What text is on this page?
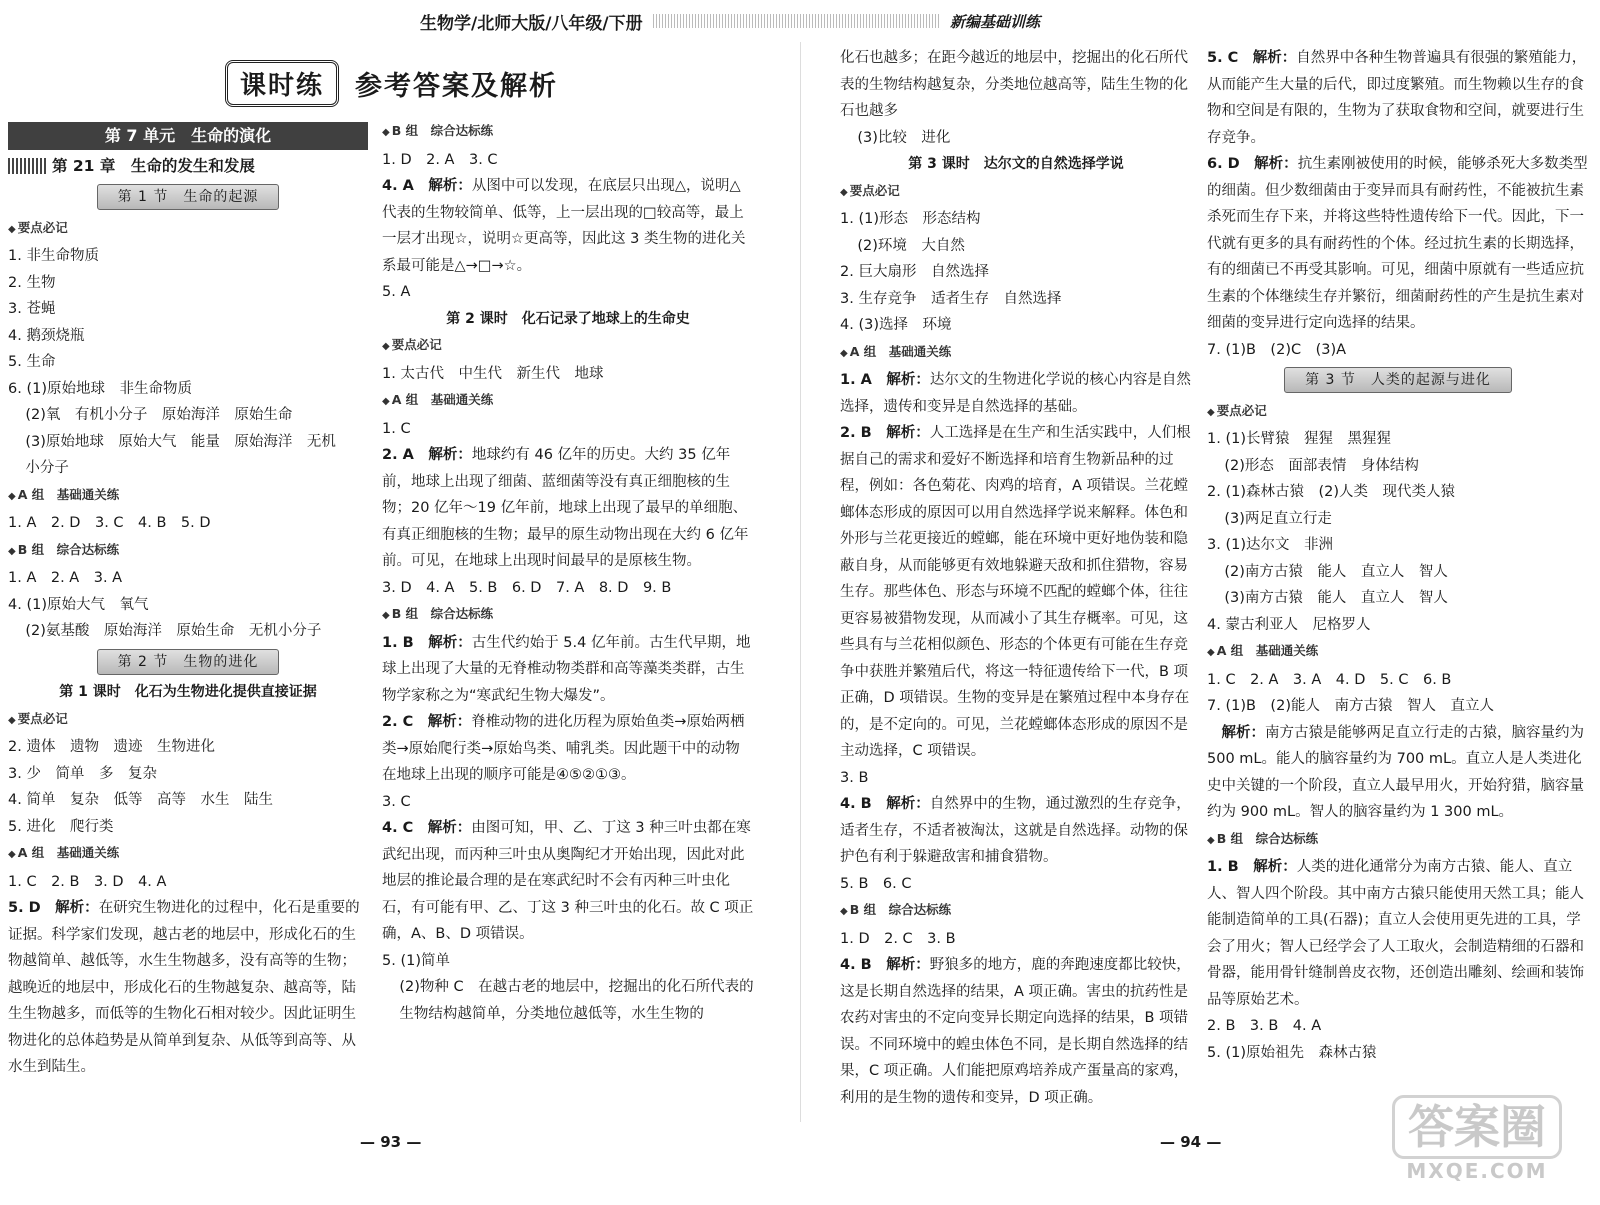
生物学/北师大版/八年级/下册	新编基础训练
课时练	参考答案及解析
第 7 单元　生命的演化
第 21 章　生命的发生和发展
第 1 节　生命的起源
◆ 要点必记
1. 非生命物质
2. 生物
3. 苍蝇
4. 鹅颈烧瓶
5. 生命
6. (1)原始地球　非生命物质
(2)氧　有机小分子　原始海洋　原始生命
(3)原始地球　原始大气　能量　原始海洋　无机
小分子
◆ A 组　基础通关练
1. A　2. D　3. C　4. B　5. D
◆ B 组　综合达标练
1. A　2. A　3. A
4. (1)原始大气　氧气
(2)氨基酸　原始海洋　原始生命　无机小分子
第 2 节　生物的进化
第 1 课时　化石为生物进化提供直接证据
◆ 要点必记
2. 遗体　遗物　遗迹　生物进化
3. 少　简单　多　复杂
4. 简单　复杂　低等　高等　水生　陆生
5. 进化　爬行类
◆ A 组　基础通关练
1. C　2. B　3. D　4. A
5. D　解析：在研究生物进化的过程中，化石是重要的证据。科学家们发现，越古老的地层中，形成化石的生物越简单、越低等，水生生物越多，没有高等的生物；越晚近的地层中，形成化石的生物越复杂、越高等，陆生生物越多，而低等的生物化石相对较少。因此证明生物进化的总体趋势是从简单到复杂、从低等到高等、从水生到陆生。
◆ B 组　综合达标练
1. D　2. A　3. C
4. A　解析：从图中可以发现，在底层只出现△，说明△代表的生物较简单、低等，上一层出现的□较高等，最上一层才出现☆，说明☆更高等，因此这 3 类生物的进化关系最可能是△→□→☆。
5. A
第 2 课时　化石记录了地球上的生命史
◆ 要点必记
1. 太古代　中生代　新生代　地球
◆ A 组　基础通关练
1. C
2. A　解析：地球约有 46 亿年的历史。大约 35 亿年前，地球上出现了细菌、蓝细菌等没有真正细胞核的生物；20 亿年～19 亿年前，地球上出现了最早的单细胞、有真正细胞核的生物；最早的原生动物出现在大约 6 亿年前。可见，在地球上出现时间最早的是原核生物。
3. D　4. A　5. B　6. D　7. A　8. D　9. B
◆ B 组　综合达标练
1. B　解析：古生代约始于 5.4 亿年前。古生代早期，地球上出现了大量的无脊椎动物类群和高等藻类类群，古生物学家称之为“寒武纪生物大爆发”。
2. C　解析：脊椎动物的进化历程为原始鱼类→原始两栖类→原始爬行类→原始鸟类、哺乳类。因此题干中的动物在地球上出现的顺序可能是④⑤②①③。
3. C
4. C　解析：由图可知，甲、乙、丁这 3 种三叶虫都在寒武纪出现，而丙种三叶虫从奥陶纪才开始出现，因此对此地层的推论最合理的是在寒武纪时不会有丙种三叶虫化石，有可能有甲、乙、丁这 3 种三叶虫的化石。故 C 项正确，A、B、D 项错误。
5. (1)简单
(2)物种 C　在越古老的地层中，挖掘出的化石所代表的生物结构越简单，分类地位越低等，水生生物的
化石也越多；在距今越近的地层中，挖掘出的化石所代表的生物结构越复杂，分类地位越高等，陆生生物的化石也越多
(3)比较　进化
第 3 课时　达尔文的自然选择学说
◆ 要点必记
1. (1)形态　形态结构
(2)环境　大自然
2. 巨大扇形　自然选择
3. 生存竞争　适者生存　自然选择
4. (3)选择　环境
◆ A 组　基础通关练
1. A　解析：达尔文的生物进化学说的核心内容是自然选择，遗传和变异是自然选择的基础。
2. B　解析：人工选择是在生产和生活实践中，人们根据自己的需求和爱好不断选择和培育生物新品种的过程，例如：各色菊花、肉鸡的培育，A 项错误。兰花螳螂体态形成的原因可以用自然选择学说来解释。体色和外形与兰花更接近的螳螂，能在环境中更好地伪装和隐蔽自身，从而能够更有效地躲避天敌和抓住猎物，容易生存。那些体色、形态与环境不匹配的螳螂个体，往往更容易被猎物发现，从而减小了其生存概率。可见，这些具有与兰花相似颜色、形态的个体更有可能在生存竞争中获胜并繁殖后代，将这一特征遗传给下一代，B 项正确，D 项错误。生物的变异是在繁殖过程中本身存在的，是不定向的。可见，兰花螳螂体态形成的原因不是主动选择，C 项错误。
3. B
4. B　解析：自然界中的生物，通过激烈的生存竞争，适者生存，不适者被淘汰，这就是自然选择。动物的保护色有利于躲避敌害和捕食猎物。
5. B　6. C
◆ B 组　综合达标练
1. D　2. C　3. B
4. B　解析：野狼多的地方，鹿的奔跑速度都比较快，这是长期自然选择的结果，A 项正确。害虫的抗药性是农药对害虫的不定向变异长期定向选择的结果，B 项错误。不同环境中的蝗虫体色不同，是长期自然选择的结果，C 项正确。人们能把原鸡培养成产蛋量高的家鸡，利用的是生物的遗传和变异，D 项正确。
5. C　解析：自然界中各种生物普遍具有很强的繁殖能力，从而能产生大量的后代，即过度繁殖。而生物赖以生存的食物和空间是有限的，生物为了获取食物和空间，就要进行生存竞争。
6. D　解析：抗生素刚被使用的时候，能够杀死大多数类型的细菌。但少数细菌由于变异而具有耐药性，不能被抗生素杀死而生存下来，并将这些特性遗传给下一代。因此，下一代就有更多的具有耐药性的个体。经过抗生素的长期选择，有的细菌已不再受其影响。可见，细菌中原就有一些适应抗生素的个体继续生存并繁衍，细菌耐药性的产生是抗生素对细菌的变异进行定向选择的结果。
7. (1)B　(2)C　(3)A
第 3 节　人类的起源与进化
◆ 要点必记
1. (1)长臂猿　猩猩　黑猩猩
(2)形态　面部表情　身体结构
2. (1)森林古猿　(2)人类　现代类人猿
(3)两足直立行走
3. (1)达尔文　非洲
(2)南方古猿　能人　直立人　智人
(3)南方古猿　能人　直立人　智人
4. 蒙古利亚人　尼格罗人
◆ A 组　基础通关练
1. C　2. A　3. A　4. D　5. C　6. B
7. (1)B　(2)能人　南方古猿　智人　直立人
　解析：南方古猿是能够两足直立行走的古猿，脑容量约为 500 mL。能人的脑容量约为 700 mL。直立人是人类进化史中关键的一个阶段，直立人最早用火，开始狩猎，脑容量约为 900 mL。智人的脑容量约为 1 300 mL。
◆ B 组　综合达标练
1. B　解析：人类的进化通常分为南方古猿、能人、直立人、智人四个阶段。其中南方古猿只能使用天然工具；能人能制造简单的工具(石器)；直立人会使用更先进的工具，学会了用火；智人已经学会了人工取火，会制造精细的石器和骨器，能用骨针缝制兽皮衣物，还创造出雕刻、绘画和装饰品等原始艺术。
2. B　3. B　4. A
5. (1)原始祖先　森林古猿
— 93 —	— 94 —	答案圈
MXQE.COM
